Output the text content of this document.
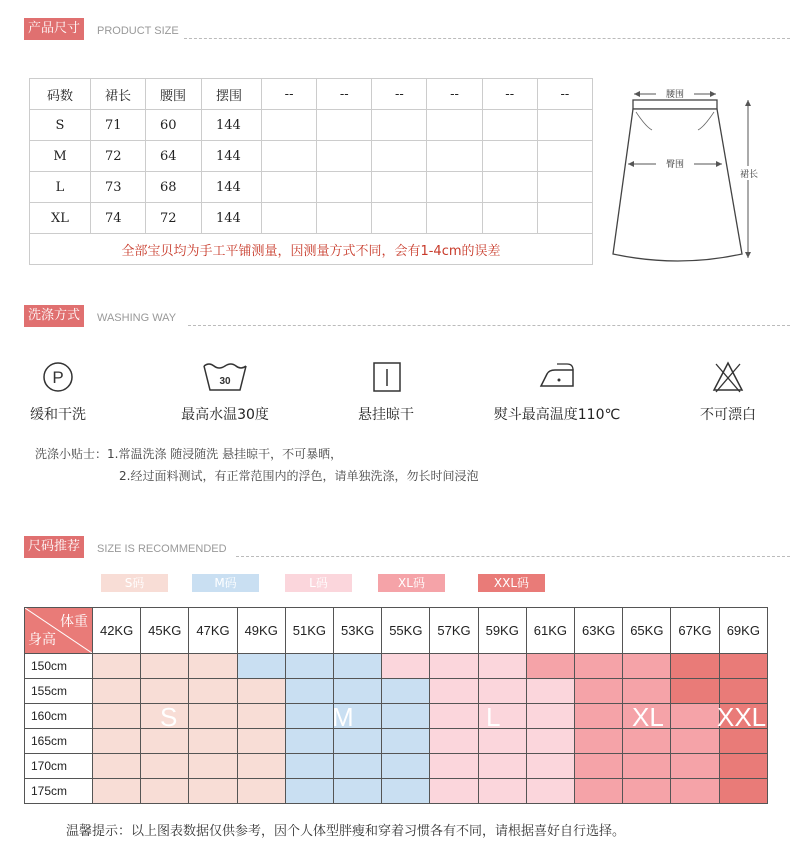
产品尺寸	PRODUCT SIZE
码数	裙长	腰围	摆围	--	--	--	--	--	--
S	71	60	144						
M	72	64	144						
L	73	68	144						
XL	74	72	144						
全部宝贝均为手工平铺测量，因测量方式不同，会有1-4cm的误差									
腰围
臀围
裙长
洗涤方式	WASHING WAY
P
缓和干洗
30
最高水温30度	悬挂晾干	熨斗最高温度110℃	不可漂白
洗涤小贴士：1.常温洗涤 随浸随洗 悬挂晾干，不可暴晒，
2.经过面料测试，有正常范围内的浮色，请单独洗涤，勿长时间浸泡
尺码推荐	SIZE IS RECOMMENDED
S码	M码	L码	XL码	XXL码
体重
身高	42KG	45KG	47KG	49KG	51KG	53KG	55KG	57KG	59KG	61KG	63KG	65KG	67KG	69KG
150cm														
155cm														
160cm														
165cm														
170cm														
175cm														
S	M	L	XL XXL
温馨提示：以上图表数据仅供参考，因个人体型胖瘦和穿着习惯各有不同，请根据喜好自行选择。
